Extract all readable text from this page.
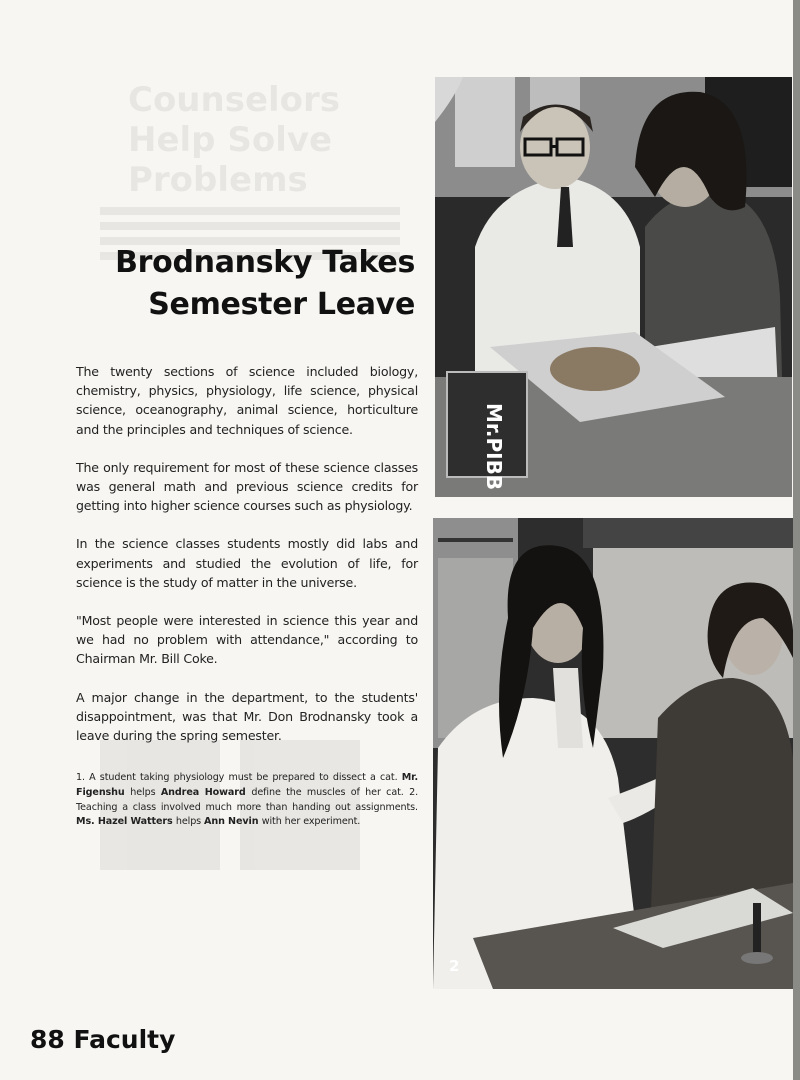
Counselors Help Solve Problems
Brodnansky Takes
Semester Leave

The twenty sections of science included biology, chemistry, physics, physiology, life science, physical science, oceanography, animal science, horticulture and the principles and techniques of science.

The only requirement for most of these science classes was general math and previous science credits for getting into higher science courses such as physiology.

In the science classes students mostly did labs and experiments and studied the evolution of life, for science is the study of matter in the universe.

"Most people were interested in science this year and we had no problem with attendance," according to Chairman Mr. Bill Coke.

A major change in the department, to the students' disappointment, was that Mr. Don Brodnansky took a leave during the spring semester.

1. A student taking physiology must be prepared to dissect a cat. Mr. Figenshu helps Andrea Howard define the muscles of her cat. 2. Teaching a class involved much more than handing out assignments. Ms. Hazel Watters helps Ann Nevin with her experiment.
Mr.PIBB
2
88 Faculty
